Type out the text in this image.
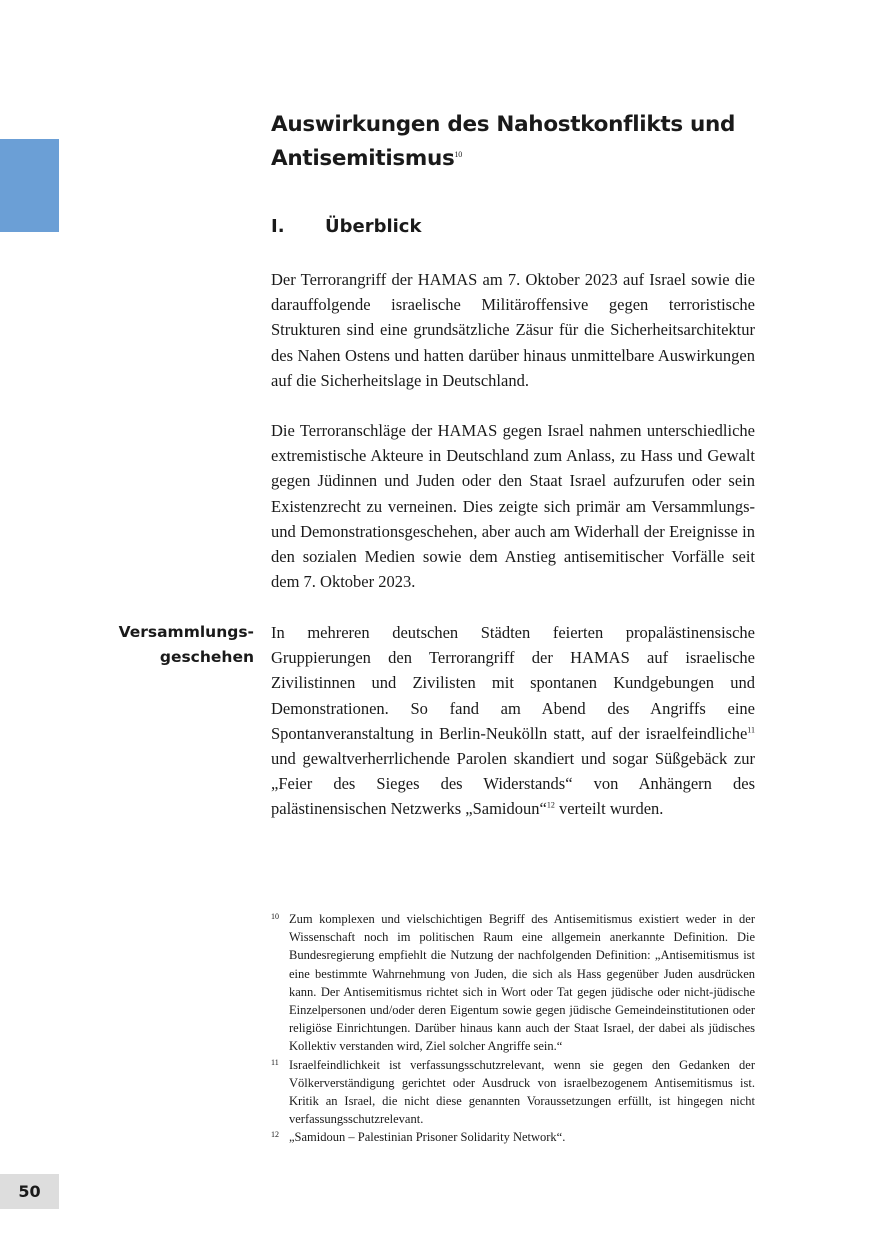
Auswirkungen des Nahostkonflikts und Antisemitismus$^{10}$
I. Überblick

Der Terrorangriff der HAMAS am 7. Oktober 2023 auf Israel sowie die darauffolgende israelische Militäroffensive gegen terroristische Strukturen sind eine grundsätzliche Zäsur für die Sicherheitsarchitektur des Nahen Ostens und hatten darüber hinaus unmittelbare Auswirkungen auf die Sicherheitslage in Deutschland.

Die Terroranschläge der HAMAS gegen Israel nahmen unterschiedliche extremistische Akteure in Deutschland zum Anlass, zu Hass und Gewalt gegen Jüdinnen und Juden oder den Staat Israel aufzurufen oder sein Existenzrecht zu verneinen. Dies zeigte sich primär am Versammlungs- und Demonstrationsgeschehen, aber auch am Widerhall der Ereignisse in den sozialen Medien sowie dem Anstieg antisemitischer Vorfälle seit dem 7. Oktober 2023.

Versammlungs-
geschehen

In mehreren deutschen Städten feierten propalästinensische Gruppierungen den Terrorangriff der HAMAS auf israelische Zivilistinnen und Zivilisten mit spontanen Kundgebungen und Demonstrationen. So fand am Abend des Angriffs eine Spontanveranstaltung in Berlin-Neukölln statt, auf der israelfeindliche$^{11}$ und gewaltverherrlichende Parolen skandiert und sogar Süßgebäck zur „Feier des Sieges des Widerstands“ von Anhängern des palästinensischen Netzwerks „Samidoun“$^{12}$ verteilt wurden.

10 Zum komplexen und vielschichtigen Begriff des Antisemitismus existiert weder in der Wissenschaft noch im politischen Raum eine allgemein anerkannte Definition. Die Bundesregierung empfiehlt die Nutzung der nachfolgenden Definition: „Antisemitismus ist eine bestimmte Wahrnehmung von Juden, die sich als Hass gegenüber Juden ausdrücken kann. Der Antisemitismus richtet sich in Wort oder Tat gegen jüdische oder nicht-jüdische Einzelpersonen und/oder deren Eigentum sowie gegen jüdische Gemeindeinstitutionen oder religiöse Einrichtungen. Darüber hinaus kann auch der Staat Israel, der dabei als jüdisches Kollektiv verstanden wird, Ziel solcher Angriffe sein.“
11 Israelfeindlichkeit ist verfassungsschutzrelevant, wenn sie gegen den Gedanken der Völkerverständigung gerichtet oder Ausdruck von israelbezogenem Antisemitismus ist. Kritik an Israel, die nicht diese genannten Voraussetzungen erfüllt, ist hingegen nicht verfassungsschutzrelevant.
12 „Samidoun – Palestinian Prisoner Solidarity Network“.
50
